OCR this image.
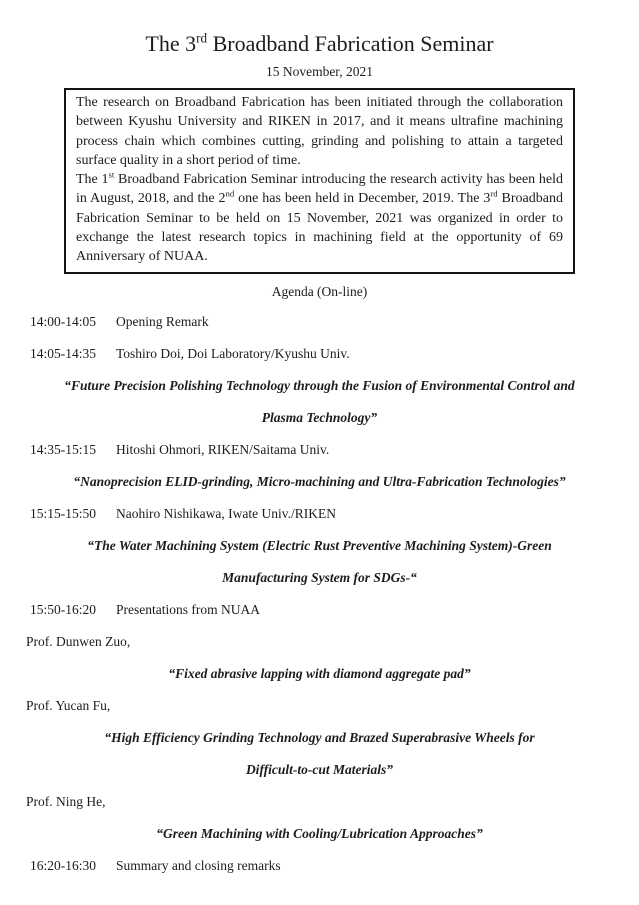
The 3rd Broadband Fabrication Seminar
15 November, 2021

The research on Broadband Fabrication has been initiated through the collaboration between Kyushu University and RIKEN in 2017, and it means ultrafine machining process chain which combines cutting, grinding and polishing to attain a targeted surface quality in a short period of time.

The 1st Broadband Fabrication Seminar introducing the research activity has been held in August, 2018, and the 2nd one has been held in December, 2019. The 3rd Broadband Fabrication Seminar to be held on 15 November, 2021 was organized in order to exchange the latest research topics in machining field at the opportunity of 69 Anniversary of NUAA.

Agenda (On-line)
14:00-14:05 Opening Remark
14:05-14:35 Toshiro Doi, Doi Laboratory/Kyushu Univ.
“Future Precision Polishing Technology through the Fusion of Environmental Control and
Plasma Technology”
14:35-15:15 Hitoshi Ohmori, RIKEN/Saitama Univ.
“Nanoprecision ELID-grinding, Micro-machining and Ultra-Fabrication Technologies”
15:15-15:50 Naohiro Nishikawa, Iwate Univ./RIKEN
“The Water Machining System (Electric Rust Preventive Machining System)-Green
Manufacturing System for SDGs-“
15:50-16:20 Presentations from NUAA
Prof. Dunwen Zuo,
“Fixed abrasive lapping with diamond aggregate pad”
Prof. Yucan Fu,
“High Efficiency Grinding Technology and Brazed Superabrasive Wheels for
Difficult-to-cut Materials”
Prof. Ning He,
“Green Machining with Cooling/Lubrication Approaches”
16:20-16:30 Summary and closing remarks
